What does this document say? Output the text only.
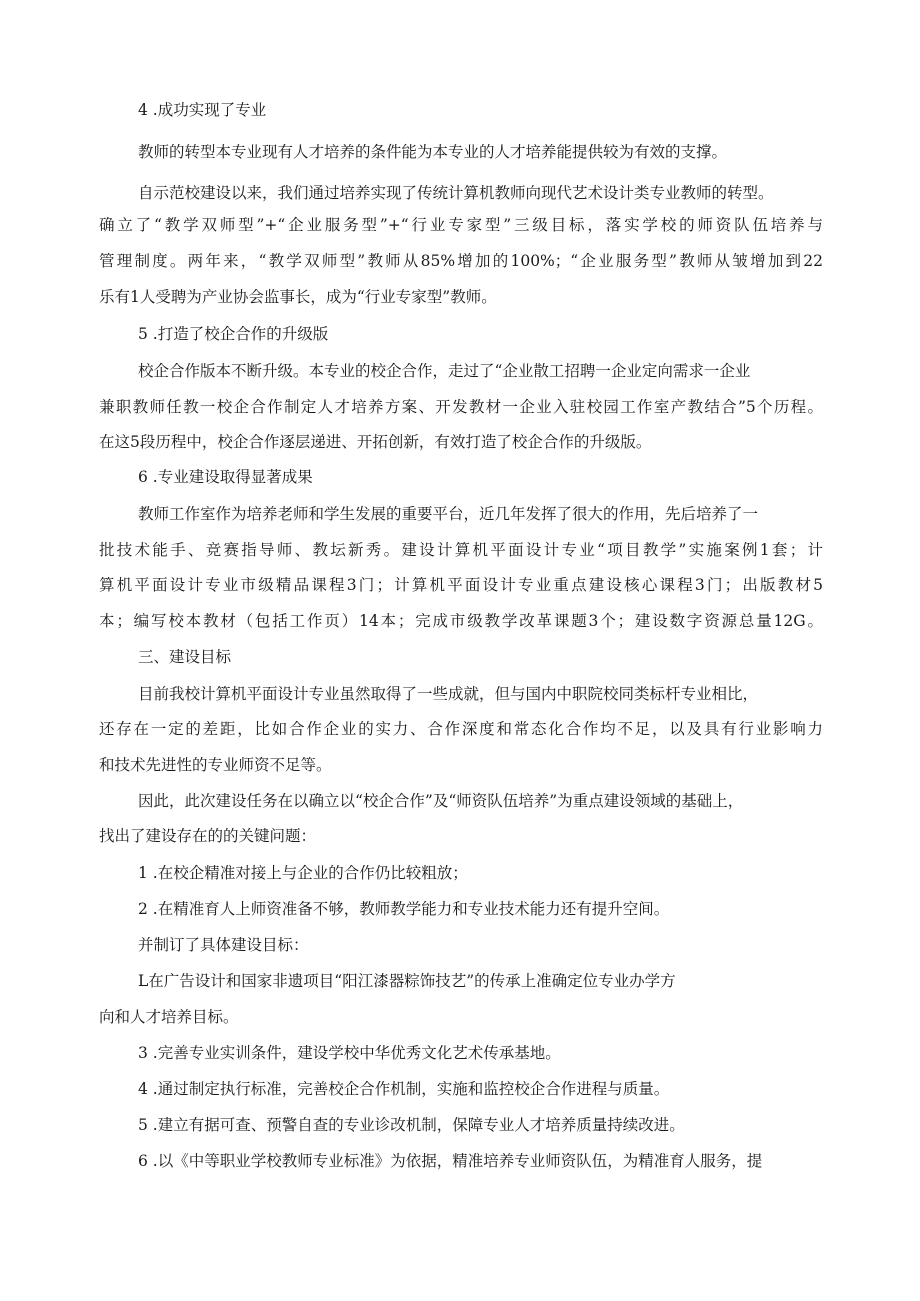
4 .成功实现了专业
教师的转型本专业现有人才培养的条件能为本专业的人才培养能提供较为有效的支撑。
自示范校建设以来，我们通过培养实现了传统计算机教师向现代艺术设计类专业教师的转型。
确立了“教学双师型”+“企业服务型”+“行业专家型”三级目标，落实学校的师资队伍培养与
管理制度。两年来，“教学双师型”教师从85%增加的100%；“企业服务型”教师从皱增加到22
乐有1人受聘为产业协会监事长，成为“行业专家型”教师。
5 .打造了校企合作的升级版
校企合作版本不断升级。本专业的校企合作，走过了“企业散工招聘一企业定向需求一企业
兼职教师任教一校企合作制定人才培养方案、开发教材一企业入驻校园工作室产教结合”5个历程。
在这5段历程中，校企合作逐层递进、开拓创新，有效打造了校企合作的升级版。
6 .专业建设取得显著成果
教师工作室作为培养老师和学生发展的重要平台，近几年发挥了很大的作用，先后培养了一
批技术能手、竞赛指导师、教坛新秀。建设计算机平面设计专业“项目教学”实施案例1套；计
算机平面设计专业市级精品课程3门；计算机平面设计专业重点建设核心课程3门；出版教材5
本；编写校本教材（包括工作页）14本；完成市级教学改革课题3个；建设数字资源总量12G。
三、建设目标
目前我校计算机平面设计专业虽然取得了一些成就，但与国内中职院校同类标杆专业相比，
还存在一定的差距，比如合作企业的实力、合作深度和常态化合作均不足，以及具有行业影响力
和技术先进性的专业师资不足等。
因此，此次建设任务在以确立以“校企合作”及“师资队伍培养”为重点建设领域的基础上，
找出了建设存在的的关键问题：
1 .在校企精准对接上与企业的合作仍比较粗放；
2 .在精准育人上师资准备不够，教师教学能力和专业技术能力还有提升空间。
并制订了具体建设目标：
L在广告设计和国家非遗项目“阳江漆器粽饰技艺”的传承上准确定位专业办学方
向和人才培养目标。
3 .完善专业实训条件，建设学校中华优秀文化艺术传承基地。
4 .通过制定执行标准，完善校企合作机制，实施和监控校企合作进程与质量。
5 .建立有据可查、预警自查的专业诊改机制，保障专业人才培养质量持续改进。
6 .以《中等职业学校教师专业标准》为依据，精准培养专业师资队伍，为精准育人服务，提
